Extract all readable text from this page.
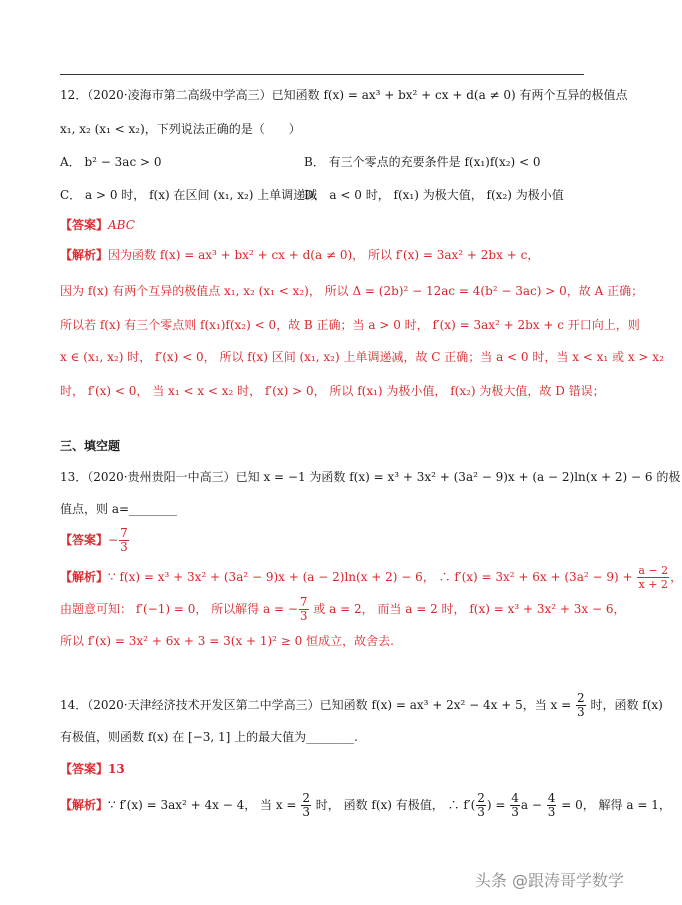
12．（2020·凌海市第二高级中学高三）已知函数 f(x) = ax³ + bx² + cx + d(a ≠ 0) 有两个互异的极值点
x₁, x₂ (x₁ < x₂)，下列说法正确的是（　　）
A． b² − 3ac > 0	B． 有三个零点的充要条件是 f(x₁)f(x₂) < 0
C． a > 0 时， f(x) 在区间 (x₁, x₂) 上单调递减
D． a < 0 时， f(x₁) 为极大值， f(x₂) 为极小值
【答案】ABC
【解析】因为函数 f(x) = ax³ + bx² + cx + d(a ≠ 0)， 所以 f′(x) = 3ax² + 2bx + c，
因为 f(x) 有两个互异的极值点 x₁, x₂ (x₁ < x₂)， 所以 Δ = (2b)² − 12ac = 4(b² − 3ac) > 0，故 A 正确；
所以若 f(x) 有三个零点则 f(x₁)f(x₂) < 0，故 B 正确；当 a > 0 时， f′(x) = 3ax² + 2bx + c 开口向上，则
x ∈ (x₁, x₂) 时， f′(x) < 0， 所以 f(x) 区间 (x₁, x₂) 上单调递减，故 C 正确；当 a < 0 时，当 x < x₁ 或 x > x₂
时， f′(x) < 0， 当 x₁ < x < x₂ 时， f′(x) > 0， 所以 f(x₁) 为极小值， f(x₂) 为极大值，故 D 错误；
三、填空题
13．（2020·贵州贵阳一中高三）已知 x = −1 为函数 f(x) = x³ + 3x² + (3a² − 9)x + (a − 2)ln(x + 2) − 6 的极
值点，则 a=________
【答案】− $\frac{7}{3}$
【解析】∵ f(x) = x³ + 3x² + (3a² − 9)x + (a − 2)ln(x + 2) − 6， ∴ $f'(x) = 3x^2 + 6x + (3a^2 - 9) + \frac{a - 2}{x + 2}$ ，
由题意可知： f′(−1) = 0， 所以解得 a = − $\frac{7}{3}$ 或 a = 2， 而当 a = 2 时， f(x) = x³ + 3x² + 3x − 6，
所以 f′(x) = 3x² + 6x + 3 = 3(x + 1)² ≥ 0 恒成立，故舍去.
14．（2020·天津经济技术开发区第二中学高三）已知函数 f(x) = ax³ + 2x² − 4x + 5，当 $x = \frac{2}{3}$ 时，函数 f(x)
有极值，则函数 f(x) 在 [−3, 1] 上的最大值为________.
【答案】13
【解析】∵ f′(x) = 3ax² + 4x − 4， 当 $x = \frac{2}{3}$ 时， 函数 f(x) 有极值， ∴ $f'( \frac{2}{3}$ ) = $\frac{4}{3}$ $a - \frac{4}{3} = 0$， 解得 a = 1，
头条 @跟涛哥学数学
